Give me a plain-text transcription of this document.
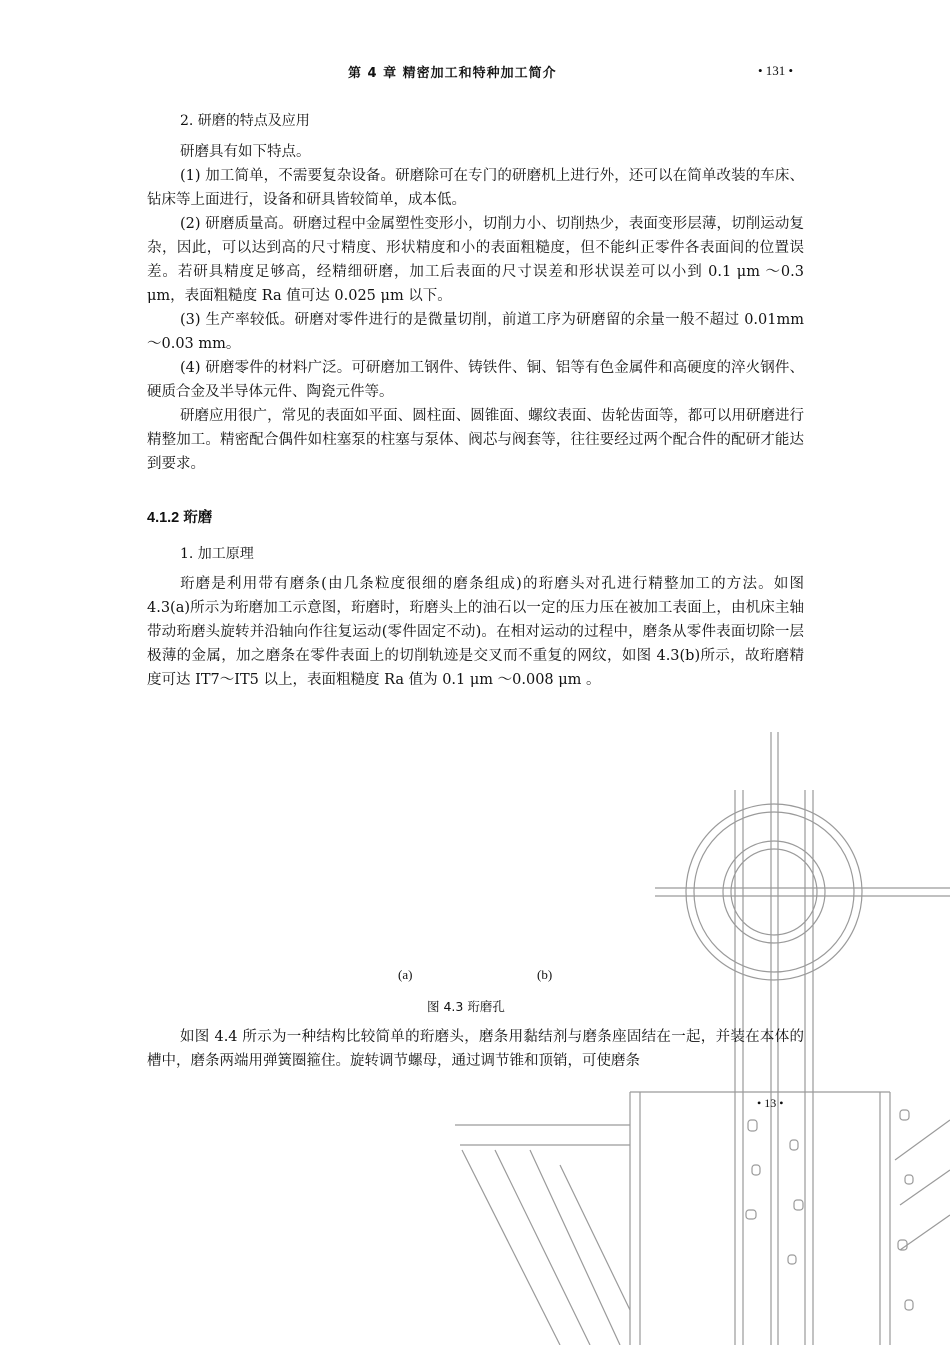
第 4 章 精密加工和特种加工简介	• 131 •
2. 研磨的特点及应用

研磨具有如下特点。

(1) 加工简单，不需要复杂设备。研磨除可在专门的研磨机上进行外，还可以在简单改装的车床、钻床等上面进行，设备和研具皆较简单，成本低。

(2) 研磨质量高。研磨过程中金属塑性变形小，切削力小、切削热少，表面变形层薄，切削运动复杂，因此，可以达到高的尺寸精度、形状精度和小的表面粗糙度，但不能纠正零件各表面间的位置误差。若研具精度足够高，经精细研磨，加工后表面的尺寸误差和形状误差可以小到 0.1 μm ～0.3 μm，表面粗糙度 Ra 值可达 0.025 μm 以下。

(3) 生产率较低。研磨对零件进行的是微量切削，前道工序为研磨留的余量一般不超过 0.01mm～0.03 mm。

(4) 研磨零件的材料广泛。可研磨加工钢件、铸铁件、铜、铝等有色金属件和高硬度的淬火钢件、硬质合金及半导体元件、陶瓷元件等。

研磨应用很广，常见的表面如平面、圆柱面、圆锥面、螺纹表面、齿轮齿面等，都可以用研磨进行精整加工。精密配合偶件如柱塞泵的柱塞与泵体、阀芯与阀套等，往往要经过两个配合件的配研才能达到要求。

4.1.2 珩磨
1. 加工原理

珩磨是利用带有磨条(由几条粒度很细的磨条组成)的珩磨头对孔进行精整加工的方法。如图 4.3(a)所示为珩磨加工示意图，珩磨时，珩磨头上的油石以一定的压力压在被加工表面上，由机床主轴带动珩磨头旋转并沿轴向作往复运动(零件固定不动)。在相对运动的过程中，磨条从零件表面切除一层极薄的金属，加之磨条在零件表面上的切削轨迹是交叉而不重复的网纹，如图 4.3(b)所示，故珩磨精度可达 IT7～IT5 以上，表面粗糙度 Ra 值为 0.1 μm ～0.008 μm 。

(a)	(b)
图 4.3 珩磨孔

如图 4.4 所示为一种结构比较简单的珩磨头，磨条用黏结剂与磨条座固结在一起，并装在本体的槽中，磨条两端用弹簧圈箍住。旋转调节螺母，通过调节锥和顶销，可使磨条

• 13 •
